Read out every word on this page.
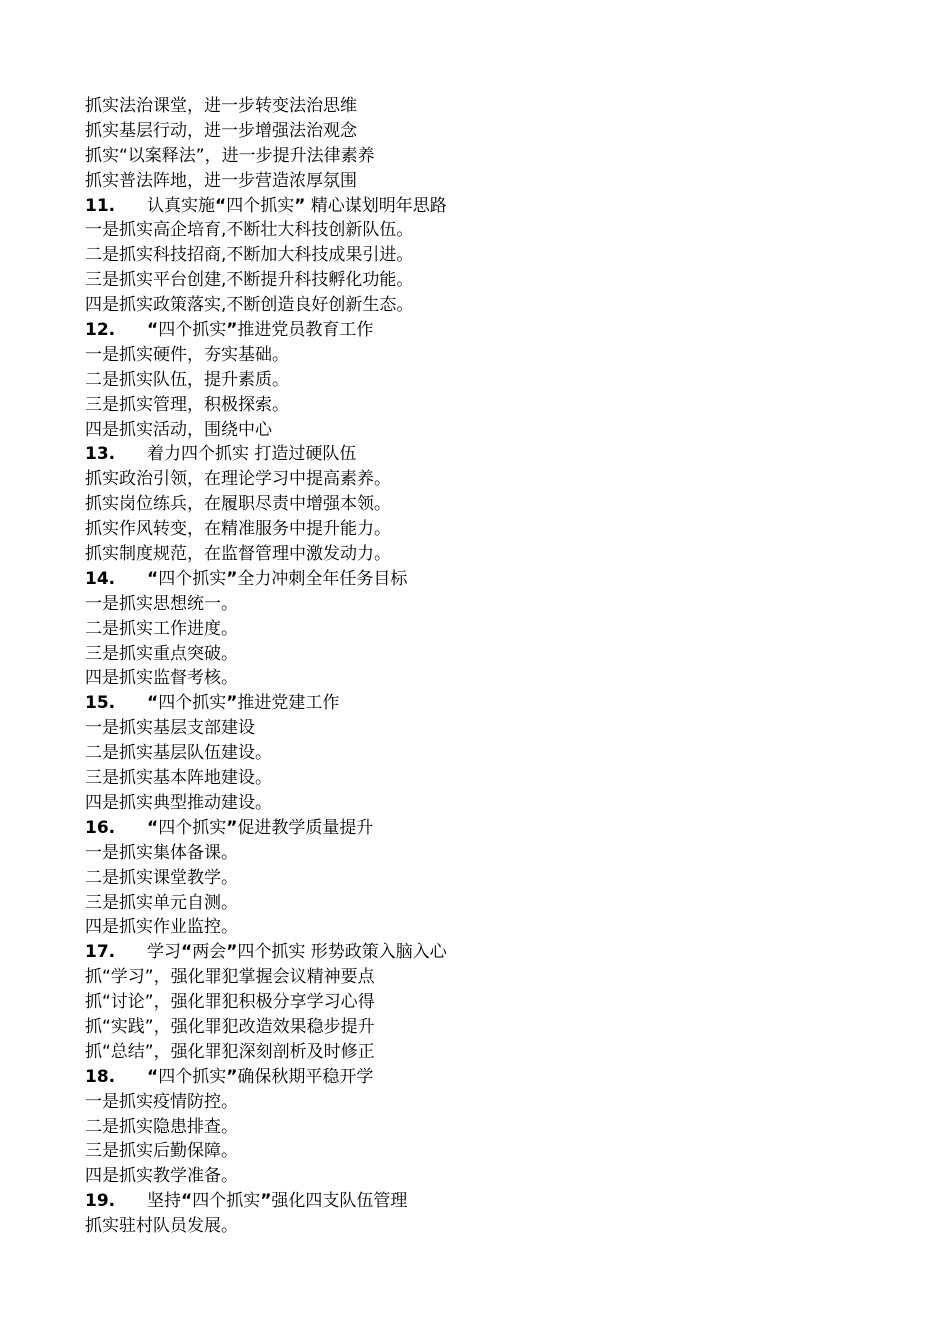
抓实法治课堂，进一步转变法治思维
抓实基层行动，进一步增强法治观念
抓实“以案释法”，进一步提升法律素养
抓实普法阵地，进一步营造浓厚氛围
11. 认真实施“四个抓实” 精心谋划明年思路
一是抓实高企培育,不断壮大科技创新队伍。
二是抓实科技招商,不断加大科技成果引进。
三是抓实平台创建,不断提升科技孵化功能。
四是抓实政策落实,不断创造良好创新生态。
12. “四个抓实”推进党员教育工作
一是抓实硬件，夯实基础。
二是抓实队伍，提升素质。
三是抓实管理，积极探索。
四是抓实活动，围绕中心
13. 着力四个抓实 打造过硬队伍
抓实政治引领，在理论学习中提高素养。
抓实岗位练兵，在履职尽责中增强本领。
抓实作风转变，在精准服务中提升能力。
抓实制度规范，在监督管理中激发动力。
14. “四个抓实”全力冲刺全年任务目标
一是抓实思想统一。
二是抓实工作进度。
三是抓实重点突破。
四是抓实监督考核。
15. “四个抓实”推进党建工作
一是抓实基层支部建设
二是抓实基层队伍建设。
三是抓实基本阵地建设。
四是抓实典型推动建设。
16. “四个抓实”促进教学质量提升
一是抓实集体备课。
二是抓实课堂教学。
三是抓实单元自测。
四是抓实作业监控。
17. 学习“两会”四个抓实 形势政策入脑入心
抓“学习”，强化罪犯掌握会议精神要点
抓“讨论”，强化罪犯积极分享学习心得
抓“实践”，强化罪犯改造效果稳步提升
抓“总结”，强化罪犯深刻剖析及时修正
18. “四个抓实”确保秋期平稳开学
一是抓实疫情防控。
二是抓实隐患排查。
三是抓实后勤保障。
四是抓实教学准备。
19. 坚持“四个抓实”强化四支队伍管理
抓实驻村队员发展。
